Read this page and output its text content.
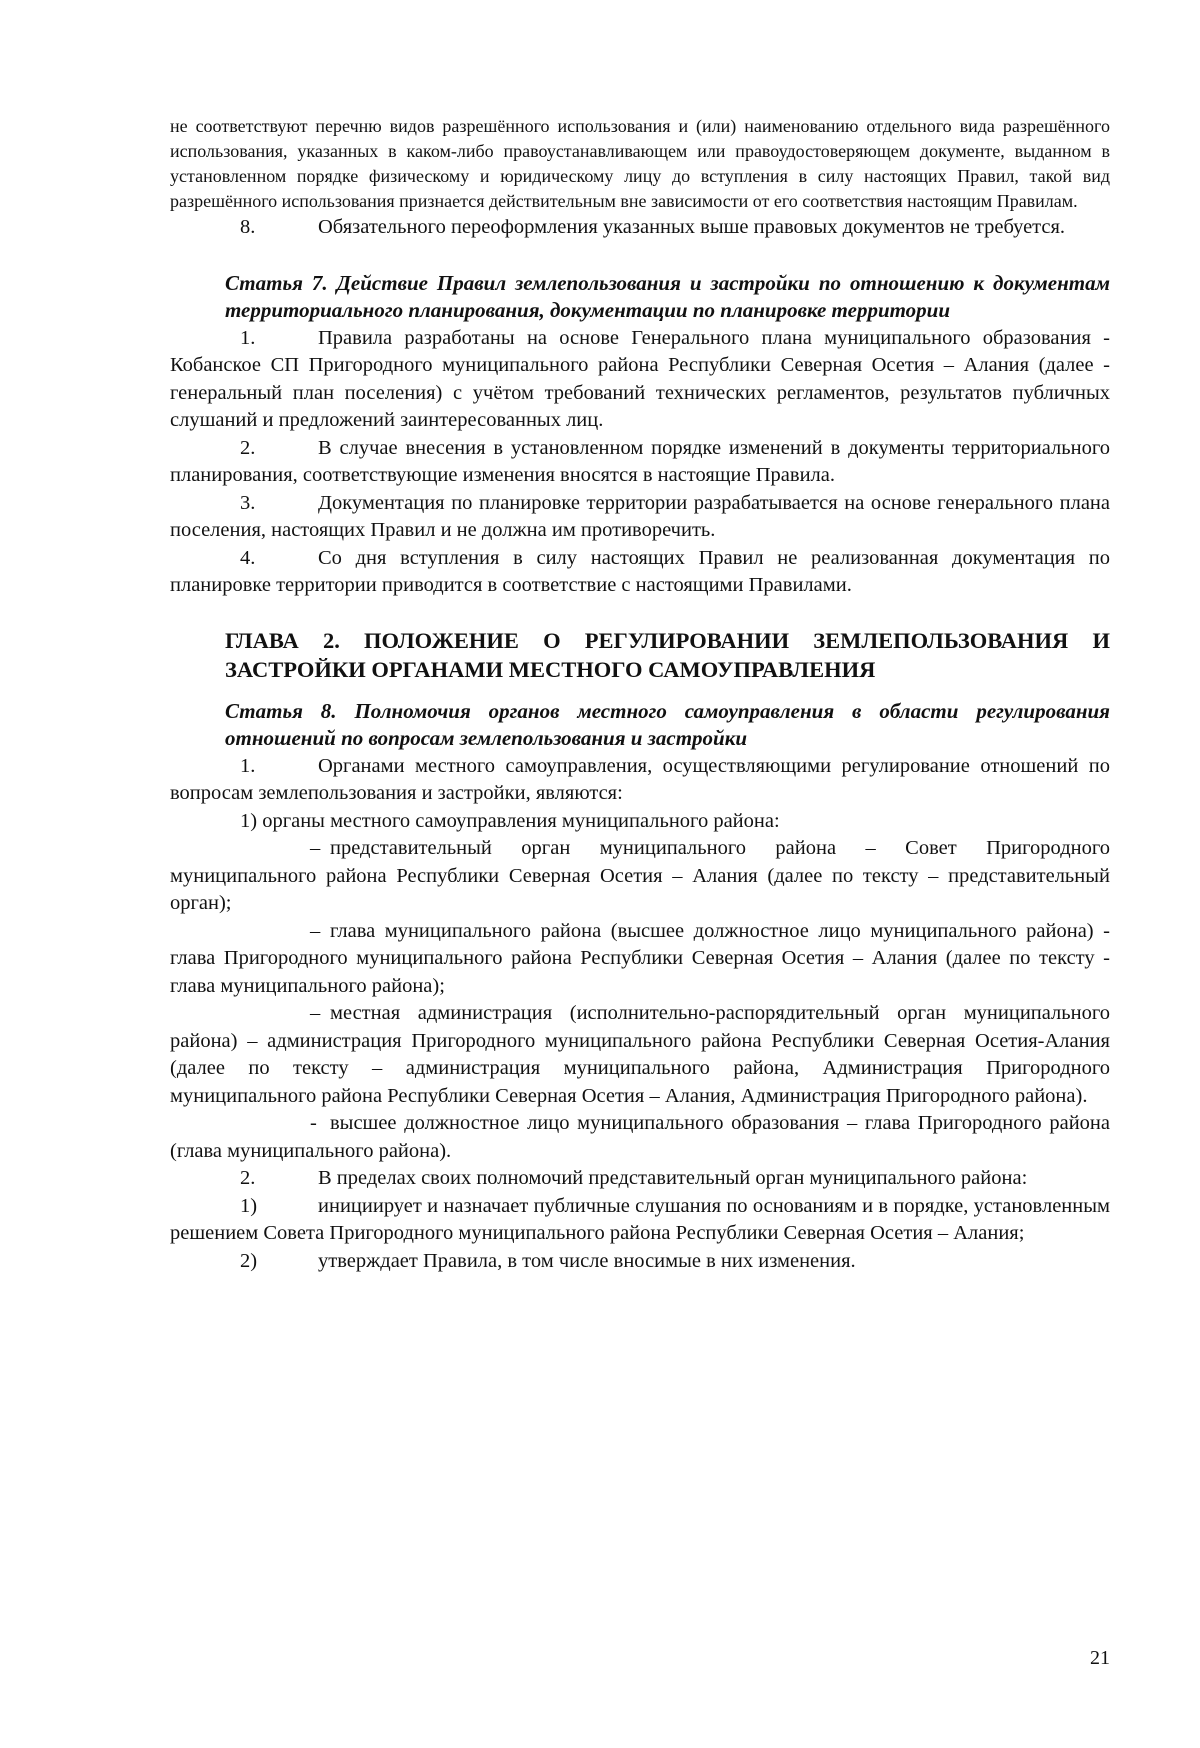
не соответствуют перечню видов разрешённого использования и (или) наименованию отдельного вида разрешённого использования, указанных в каком-либо правоустанавливающем или правоудостоверяющем документе, выданном в установленном порядке физическому и юридическому лицу до вступления в силу настоящих Правил, такой вид разрешённого использования признается действительным вне зависимости от его соответствия настоящим Правилам.

8.	Обязательного переоформления указанных выше правовых документов не требуется.

Статья 7. Действие Правил землепользования и застройки по отношению к документам территориального планирования, документации по планировке территории

1.	Правила разработаны на основе Генерального плана муниципального образования - Кобанское СП Пригородного муниципального района Республики Северная Осетия – Алания (далее - генеральный план поселения) с учётом требований технических регламентов, результатов публичных слушаний и предложений заинтересованных лиц.

2.	В случае внесения в установленном порядке изменений в документы территориального планирования, соответствующие изменения вносятся в настоящие Правила.

3.	Документация по планировке территории разрабатывается на основе генерального плана поселения, настоящих Правил и не должна им противоречить.

4.	Со дня вступления в силу настоящих Правил не реализованная документация по планировке территории приводится в соответствие с настоящими Правилами.

ГЛАВА 2. ПОЛОЖЕНИЕ О РЕГУЛИРОВАНИИ ЗЕМЛЕПОЛЬЗОВАНИЯ И ЗАСТРОЙКИ ОРГАНАМИ МЕСТНОГО САМОУПРАВЛЕНИЯ

Статья 8. Полномочия органов местного самоуправления в области регулирования отношений по вопросам землепользования и застройки

1.	Органами местного самоуправления, осуществляющими регулирование отношений по вопросам землепользования и застройки, являются:

1) органы местного самоуправления муниципального района:

– представительный орган муниципального района – Совет Пригородного муниципального района Республики Северная Осетия – Алания (далее по тексту – представительный орган);

– глава муниципального района (высшее должностное лицо муниципального района) - глава Пригородного муниципального района Республики Северная Осетия – Алания (далее по тексту - глава муниципального района);

– местная администрация (исполнительно-распорядительный орган муниципального района) – администрация Пригородного муниципального района Республики Северная Осетия-Алания (далее по тексту – администрация муниципального района, Администрация Пригородного муниципального района Республики Северная Осетия – Алания, Администрация Пригородного района).

- высшее должностное лицо муниципального образования – глава Пригородного района (глава муниципального района).

2.	В пределах своих полномочий представительный орган муниципального района:

1)	инициирует и назначает публичные слушания по основаниям и в порядке, установленным решением Совета Пригородного муниципального района Республики Северная Осетия – Алания;

2)	утверждает Правила, в том числе вносимые в них изменения.

21
